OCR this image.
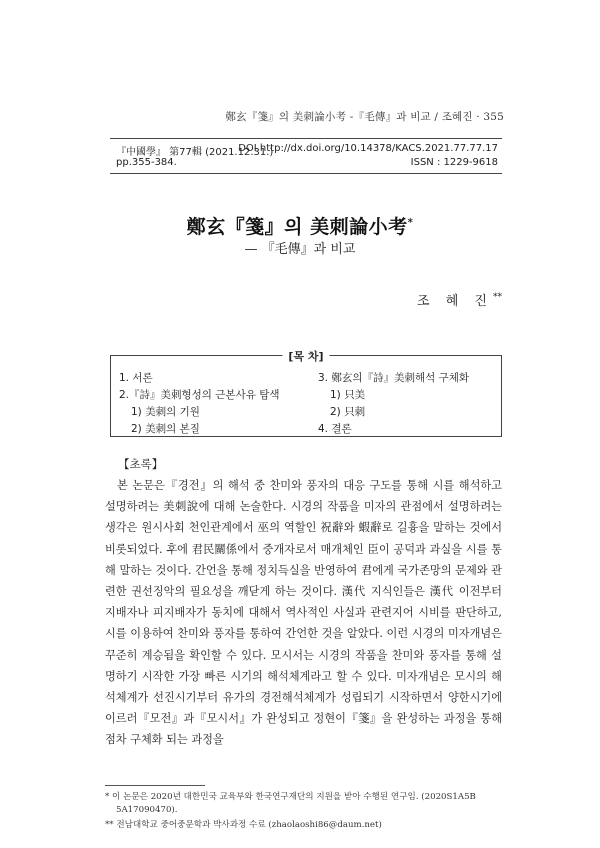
鄭玄『箋』의 美刺論小考 -『毛傳』과 비교 / 조혜진 · 355
『中國學』 第77輯 (2021.12.31.)
DOI http://dx.doi.org/10.14378/KACS.2021.77.77.17
pp.355-384.	ISSN : 1229-9618
鄭玄『箋』의 美刺論小考*
— 『毛傳』과 비교
조 혜 진**
[목 차]
1. 서론
2.『詩』美刺형성의 근본사유 탐색
1) 美刺의 기원
2) 美刺의 본질
3. 鄭玄의『詩』美刺해석 구체화
1) 只美
2) 只刺
4. 결론
【초록】
본 논문은『경전』의 해석 중 찬미와 풍자의 대응 구도를 통해 시를 해석하고 설명하려는 美刺說에 대해 논술한다. 시경의 작품을 미자의 관점에서 설명하려는 생각은 원시사회 천인관계에서 巫의 역할인 祝辭와 蝦辭로 길흉을 말하는 것에서 비롯되었다. 후에 君民關係에서 중개자로서 매개체인 臣이 공덕과 과실을 시를 통해 말하는 것이다. 간언을 통해 정치득실을 반영하여 君에게 국가존망의 문제와 관련한 권선징악의 필요성을 깨닫게 하는 것이다. 漢代 지식인들은 漢代 이전부터 지배자나 피지배자가 동치에 대해서 역사적인 사실과 관련지어 시비를 판단하고, 시를 이용하여 찬미와 풍자를 통하여 간언한 것을 알았다. 이런 시경의 미자개념은 꾸준히 계승됨을 확인할 수 있다. 모시서는 시경의 작품을 찬미와 풍자를 통해 설명하기 시작한 가장 빠른 시기의 해석체계라고 할 수 있다. 미자개념은 모시의 해석체계가 선진시기부터 유가의 경전해석체계가 성립되기 시작하면서 양한시기에 이르러『모전』과『모시서』가 완성되고 정현이『箋』을 완성하는 과정을 통해 점차 구체화 되는 과정을
* 이 논문은 2020년 대한민국 교육부와 한국연구재단의 지원을 받아 수행된 연구임. (2020S1A5B
5A17090470).
** 전남대학교 중어중문학과 박사과정 수료 (zhaolaoshi86@daum.net)
